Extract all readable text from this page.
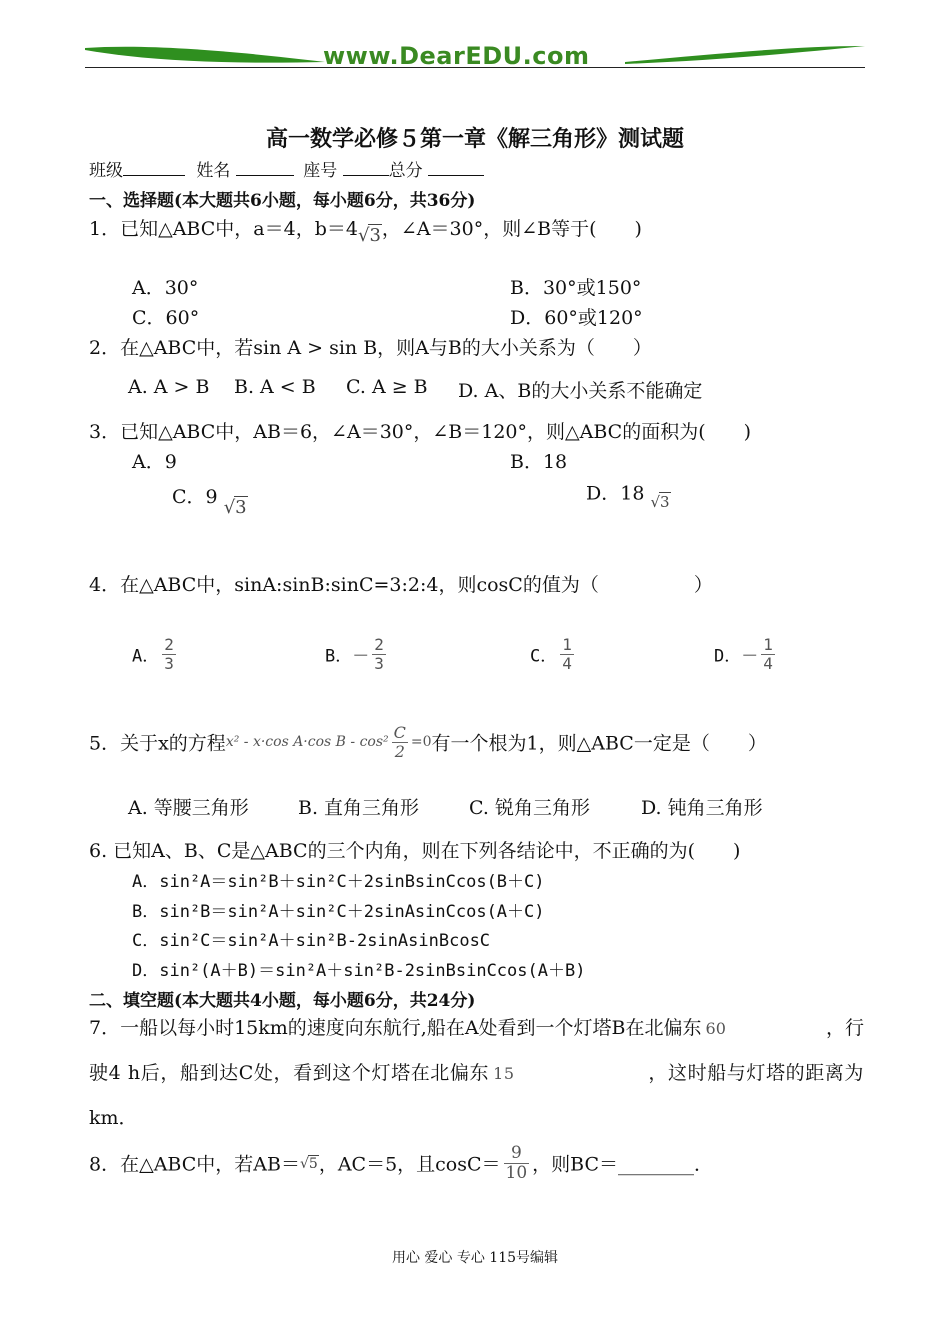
www.DearEDU.com
高一数学必修５第一章《解三角形》测试题
班级	姓名	座号	总分
一、选择题(本大题共6小题，每小题6分，共36分)
1．已知△ABC中，a＝4，b＝4√3，∠A＝30°，则∠B等于(　　)
A．30°	B．30°或150°
C．60°	D．60°或120°
2．在△ABC中，若sin A > sin B，则A与B的大小关系为（　　）
A. A > B B. A < B C. A ≥ B D. A、B的大小关系不能确定
3．已知△ABC中，AB＝6，∠A＝30°，∠B＝120°，则△ABC的面积为(　　)
A．9	B．18
C．9 √3
D．18 √3
4．在△ABC中，sinA:sinB:sinC=3:2:4，则cosC的值为（　　　　　）
A． $\frac{2}{3}$	B．－ $\frac{2}{3}$	C． $\frac{1}{4}$	D．－ $\frac{1}{4}$
5．关于x的方程x² - x·cos A·cos $B - \cos^2 \frac{C}{2} =0$有一个根为1，则△ABC一定是（　　）
A. 等腰三角形	B. 直角三角形	C. 锐角三角形	D. 钝角三角形
6. 已知A、B、C是△ABC的三个内角，则在下列各结论中，不正确的为(　　)
A．sin²A＝sin²B＋sin²C＋2sinBsinCcos(B＋C)
B．sin²B＝sin²A＋sin²C＋2sinAsinCcos(A＋C)
C．sin²C＝sin²A＋sin²B-2sinAsinBcosC
D．sin²(A＋B)＝sin²A＋sin²B-2sinBsinCcos(A＋B)
二、填空题(本大题共4小题，每小题6分，共24分)
7．一船以每小时15km的速度向东航行,船在A处看到一个灯塔B在北偏东 60	，行
驶4 h后，船到达C处，看到这个灯塔在北偏东 15	，这时船与灯塔的距离为
km．
8．在△ABC中，若AB＝√5，AC＝5，且$\cos C= \frac{9}{10}$ ，则BC＝________．
用心 爱心 专心 115号编辑
